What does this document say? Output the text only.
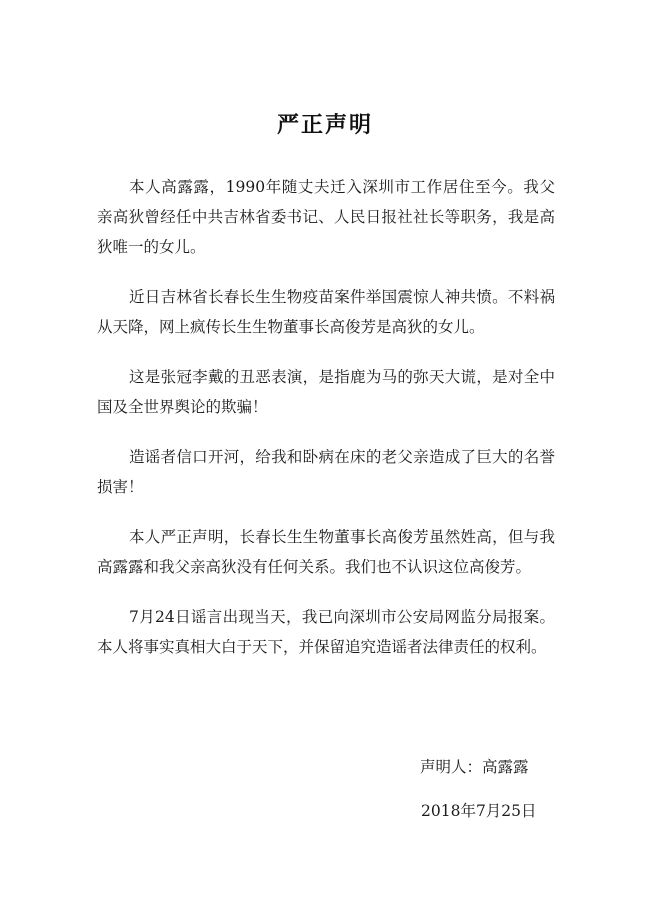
严正声明

本人高露露，1990年随丈夫迁入深圳市工作居住至今。我父亲高狄曾经任中共吉林省委书记、人民日报社社长等职务，我是高狄唯一的女儿。

近日吉林省长春长生生物疫苗案件举国震惊人神共愤。不料祸从天降，网上疯传长生生物董事长高俊芳是高狄的女儿。

这是张冠李戴的丑恶表演，是指鹿为马的弥天大谎，是对全中国及全世界舆论的欺骗！

造谣者信口开河，给我和卧病在床的老父亲造成了巨大的名誉损害！

本人严正声明，长春长生生物董事长高俊芳虽然姓高，但与我高露露和我父亲高狄没有任何关系。我们也不认识这位高俊芳。

7月24日谣言出现当天，我已向深圳市公安局网监分局报案。本人将事实真相大白于天下，并保留追究造谣者法律责任的权利。

声明人：高露露
2018年7月25日
